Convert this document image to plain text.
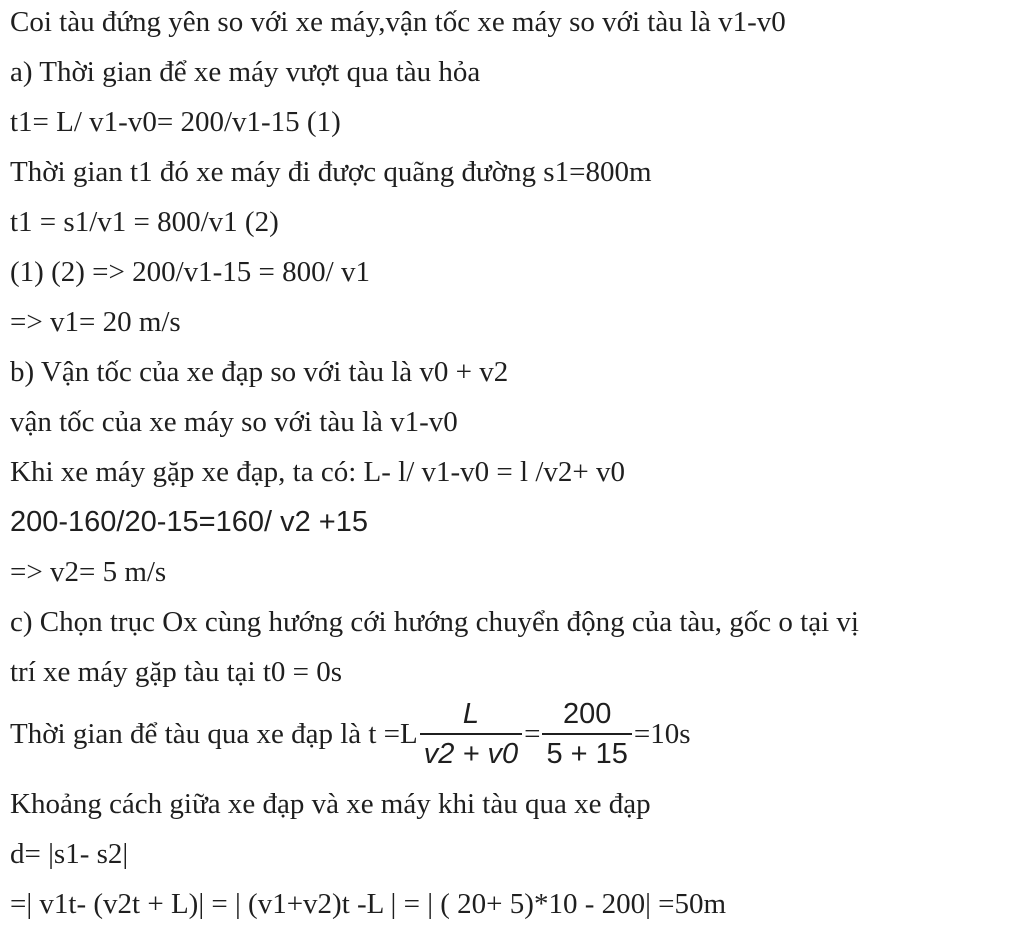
Coi tàu đứng yên so với xe máy,vận tốc xe máy so với tàu là v1-v0
a) Thời gian để xe máy vượt qua tàu hỏa
t1= L/ v1-v0= 200/v1-15 (1)
Thời gian t1 đó xe máy đi được quãng đường s1=800m
t1 = s1/v1 = 800/v1 (2)
(1) (2) => 200/v1-15 = 800/ v1
=> v1= 20 m/s
b) Vận tốc của xe đạp so với tàu là v0 + v2
vận tốc của xe máy so với tàu là v1-v0
Khi xe máy gặp xe đạp, ta có: L- l/ v1-v0 = l /v2+ v0
200-160/20-15=160/ v2 +15
=> v2= 5 m/s
c) Chọn trục Ox cùng hướng cới hướng chuyển động của tàu, gốc o tại vị
trí xe máy gặp tàu tại t0 = 0s
Thời gian để tàu qua xe đạp là $t =L \frac{L}{v2 + v0} = \frac{200}{5 + 15} =10s$
Khoảng cách giữa xe đạp và xe máy khi tàu qua xe đạp
d= |s1- s2|
=| v1t- (v2t + L)| = | (v1+v2)t -L | = | ( 20+ 5)*10 - 200| =50m
